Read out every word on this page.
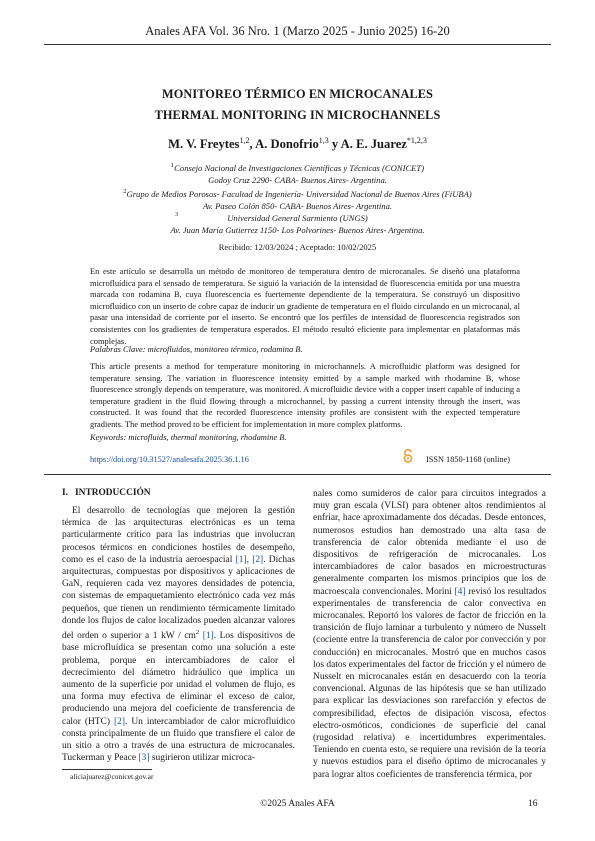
Anales AFA Vol. 36 Nro. 1 (Marzo 2025 - Junio 2025) 16-20
MONITOREO TÉRMICO EN MICROCANALES
THERMAL MONITORING IN MICROCHANNELS
M. V. Freytes$^{1,2}$, A. Donofrio$^{1,3}$ y A. E. Juarez$^{*1,2,3}$
$^1$Consejo Nacional de Investigaciones Científicas y Técnicas (CONICET)
Godoy Cruz 2290- CABA- Buenos Aires- Argentina.
$^2$Grupo de Medios Porosos- Facultad de Ingeniería- Universidad Nacional de Buenos Aires (FiUBA)
Av. Paseo Colón 850- CABA- Buenos Aires- Argentina.
3	Universidad General Sarmiento (UNGS)
Av. Juan María Gutierrez 1150- Los Polvorines- Buenos Aires- Argentina.
Recibido: 12/03/2024 ; Aceptado: 10/02/2025
En este artículo se desarrolla un método de monitoreo de temperatura dentro de microcanales. Se diseñó una plataforma microfluídica para el sensado de temperatura. Se siguió la variación de la intensidad de fluorescencia emitida por una muestra marcada con rodamina B, cuya fluorescencia es fuertemente dependiente de la temperatura. Se construyó un dispositivo microfluídico con un inserto de cobre capaz de inducir un gradiente de temperatura en el fluido circulando en un microcanal, al pasar una intensidad de corriente por el inserto. Se encontró que los perfiles de intensidad de fluorescencia registrados son consistentes con los gradientes de temperatura esperados. El método resultó eficiente para implementar en plataformas más complejas.
Palabras Clave: microfluidos, monitoreo térmico, rodamina B.
This article presents a method for temperature monitoring in microchannels. A microfluidic platform was designed for temperature sensing. The variation in fluorescence intensity emitted by a sample marked with rhodamine B, whose fluorescence strongly depends on temperature, was monitored. A microfluidic device with a copper insert capable of inducing a temperature gradient in the fluid flowing through a microchannel, by passing a current intensity through the insert, was constructed. It was found that the recorded fluorescence intensity profiles are consistent with the expected temperature gradients. The method proved to be efficient for implementation in more complex platforms.
Keywords: microfluids, thermal monitoring, rhodamine B.
https://doi.org/10.31527/analesafa.2025.36.1.16	ISSN 1850-1168 (online)
I.   INTRODUCCIÓN

El desarrollo de tecnologías que mejoren la gestión térmica de las arquitecturas electrónicas es un tema particularmente crítico para las industrias que involucran procesos térmicos en condiciones hostiles de desempeño, como es el caso de la industria aeroespacial [1], [2]. Dichas arquitecturas, compuestas por dispositivos y aplicaciones de GaN, requieren cada vez mayores densidades de potencia, con sistemas de empaquetamiento electrónico cada vez más pequeños, que tienen un rendimiento térmicamente limitado donde los flujos de calor localizados pueden alcanzar valores del orden o superior a 1 kW / $cm^2$ [1]. Los dispositivos de base microfluídica se presentan como una solución a este problema, porque en intercambiadores de calor el decrecimiento del diámetro hidráulico que implica un aumento de la superficie por unidad el volumen de flujo, es una forma muy efectiva de eliminar el exceso de calor, produciendo una mejora del coeficiente de transferencia de calor (HTC) [2]. Un intercambiador de calor microfluídico consta principalmente de un fluido que transfiere el calor de un sitio a otro a través de una estructura de microcanales. Tuckerman y Peace [3] sugirieron utilizar microca-

nales como sumideros de calor para circuitos integrados a muy gran escala (VLSI) para obtener altos rendimientos al enfriar, hace aproximadamente dos décadas. Desde entonces, numerosos estudios han demostrado una alta tasa de transferencia de calor obtenida mediante el uso de dispositivos de refrigeración de microcanales. Los intercambiadores de calor basados en microestructuras generalmente comparten los mismos principios que los de macroescala convencionales. Morini [4] revisó los resultados experimentales de transferencia de calor convectiva en microcanales. Reportó los valores de factor de fricción en la transición de flujo laminar a turbulento y número de Nusselt (cociente entre la transferencia de calor por convección y por conducción) en microcanales. Mostró que en muchos casos los datos experimentales del factor de fricción y el número de Nusselt en microcanales están en desacuerdo con la teoría convencional. Algunas de las hipótesis que se han utilizado para explicar las desviaciones son rarefacción y efectos de compresibilidad, efectos de disipación viscosa, efectos electro-osmóticos, condiciones de superficie del canal (rugosidad relativa) e incertidumbres experimentales. Teniendo en cuenta esto, se requiere una revisión de la teoría y nuevos estudios para el diseño óptimo de microcanales y para lograr altos coeficientes de transferencia térmica, por
aliciajuarez@conicet.gov.ar
©2025 Anales AFA	16
